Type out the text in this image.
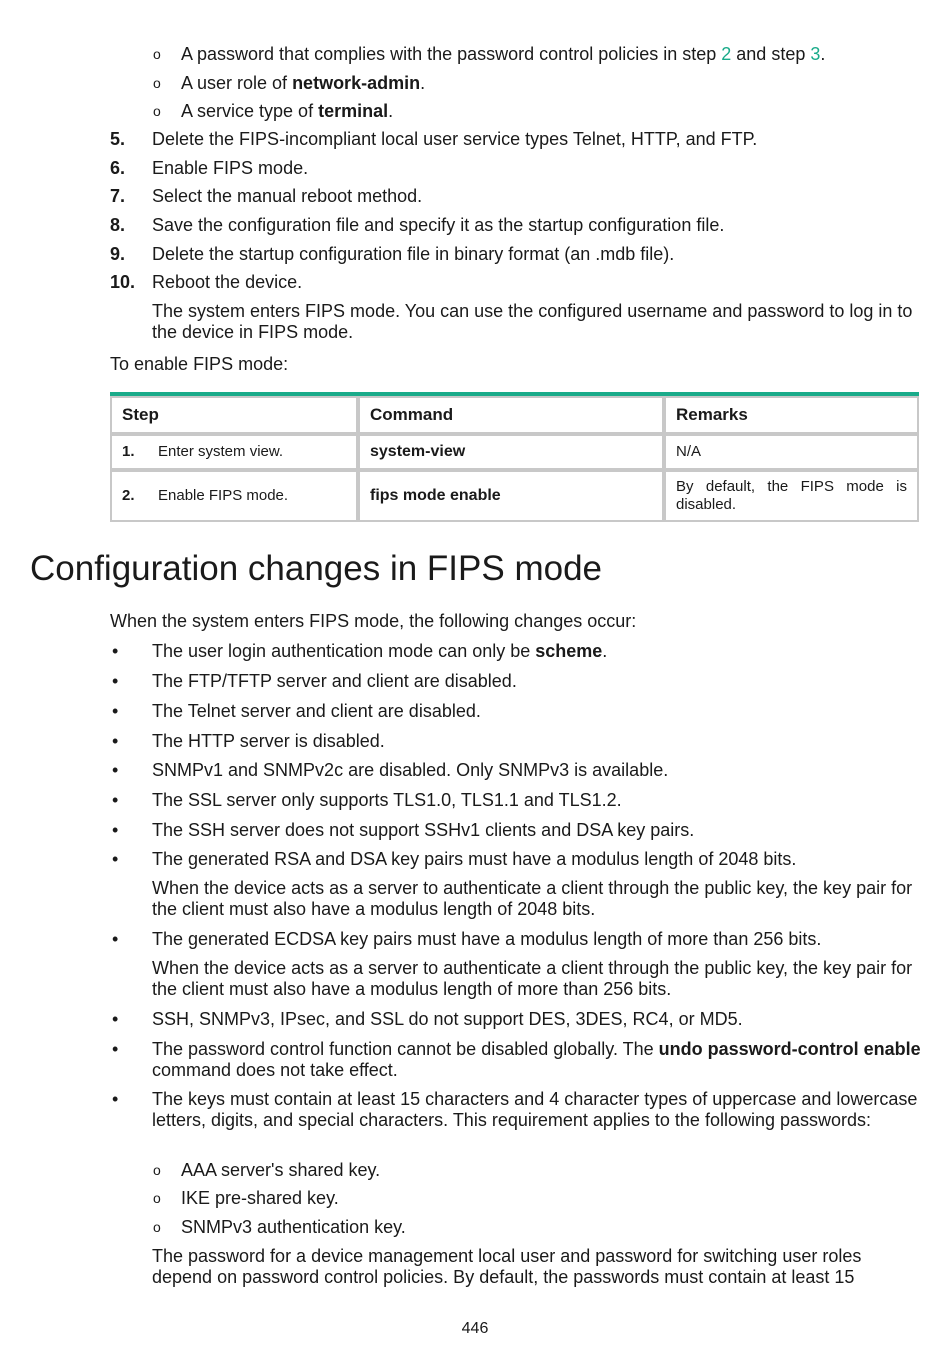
o A password that complies with the password control policies in step 2 and step 3.
o A user role of network-admin.
o A service type of terminal.
5. Delete the FIPS-incompliant local user service types Telnet, HTTP, and FTP.
6. Enable FIPS mode.
7. Select the manual reboot method.
8. Save the configuration file and specify it as the startup configuration file.
9. Delete the startup configuration file in binary format (an .mdb file).
10. Reboot the device.
The system enters FIPS mode. You can use the configured username and password to log in to the device in FIPS mode.
To enable FIPS mode:
Step	Command	Remarks
1. Enter system view.	system-view	N/A
2. Enable FIPS mode.	fips mode enable	By default, the FIPS mode is disabled.
Configuration changes in FIPS mode
When the system enters FIPS mode, the following changes occur:
• The user login authentication mode can only be scheme.
• The FTP/TFTP server and client are disabled.
• The Telnet server and client are disabled.
• The HTTP server is disabled.
• SNMPv1 and SNMPv2c are disabled. Only SNMPv3 is available.
• The SSL server only supports TLS1.0, TLS1.1 and TLS1.2.
• The SSH server does not support SSHv1 clients and DSA key pairs.
• The generated RSA and DSA key pairs must have a modulus length of 2048 bits.
When the device acts as a server to authenticate a client through the public key, the key pair for the client must also have a modulus length of 2048 bits.
• The generated ECDSA key pairs must have a modulus length of more than 256 bits.
When the device acts as a server to authenticate a client through the public key, the key pair for the client must also have a modulus length of more than 256 bits.
• SSH, SNMPv3, IPsec, and SSL do not support DES, 3DES, RC4, or MD5.
• The password control function cannot be disabled globally. The undo password-control enable command does not take effect.
• The keys must contain at least 15 characters and 4 character types of uppercase and lowercase letters, digits, and special characters. This requirement applies to the following passwords:
o AAA server's shared key.
o IKE pre-shared key.
o SNMPv3 authentication key.
The password for a device management local user and password for switching user roles depend on password control policies. By default, the passwords must contain at least 15
446
